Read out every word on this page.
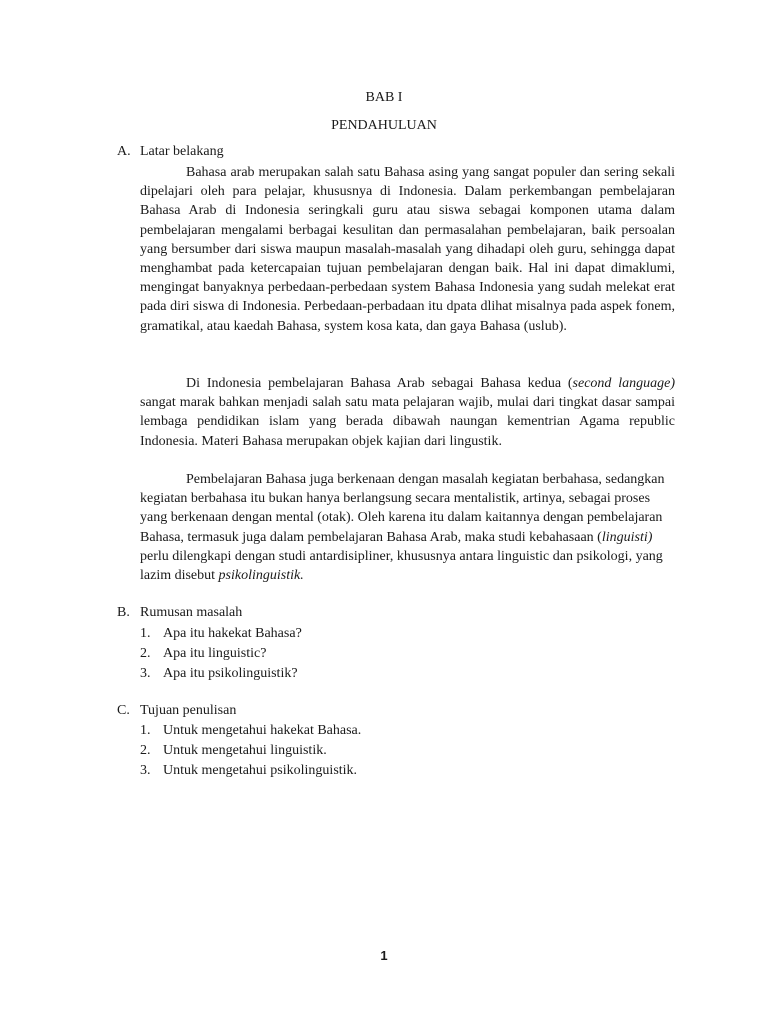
BAB I
PENDAHULUAN
A. Latar belakang

Bahasa arab merupakan salah satu Bahasa asing yang sangat populer dan sering sekali dipelajari oleh para pelajar, khususnya di Indonesia. Dalam perkembangan pembelajaran Bahasa Arab di Indonesia seringkali guru atau siswa sebagai komponen utama dalam pembelajaran mengalami berbagai kesulitan dan permasalahan pembelajaran, baik persoalan yang bersumber dari siswa maupun masalah-masalah yang dihadapi oleh guru, sehingga dapat menghambat pada ketercapaian tujuan pembelajaran dengan baik. Hal ini dapat dimaklumi, mengingat banyaknya perbedaan-perbedaan system Bahasa Indonesia yang sudah melekat erat pada diri siswa di Indonesia. Perbedaan-perbadaan itu dpata dlihat misalnya pada aspek fonem, gramatikal, atau kaedah Bahasa, system kosa kata, dan gaya Bahasa (uslub).

Di Indonesia pembelajaran Bahasa Arab sebagai Bahasa kedua (second language) sangat marak bahkan menjadi salah satu mata pelajaran wajib, mulai dari tingkat dasar sampai lembaga pendidikan islam yang berada dibawah naungan kementrian Agama republic Indonesia. Materi Bahasa merupakan objek kajian dari lingustik.

Pembelajaran Bahasa juga berkenaan dengan masalah kegiatan berbahasa, sedangkan kegiatan berbahasa itu bukan hanya berlangsung secara mentalistik, artinya, sebagai proses yang berkenaan dengan mental (otak). Oleh karena itu dalam kaitannya dengan pembelajaran Bahasa, termasuk juga dalam pembelajaran Bahasa Arab, maka studi kebahasaan (linguisti) perlu dilengkapi dengan studi antardisipliner, khususnya antara linguistic dan psikologi, yang lazim disebut psikolinguistik.

B. Rumusan masalah
1. Apa itu hakekat Bahasa?
2. Apa itu linguistic?
3. Apa itu psikolinguistik?
C. Tujuan penulisan
1. Untuk mengetahui hakekat Bahasa.
2. Untuk mengetahui linguistik.
3. Untuk mengetahui psikolinguistik.
1
